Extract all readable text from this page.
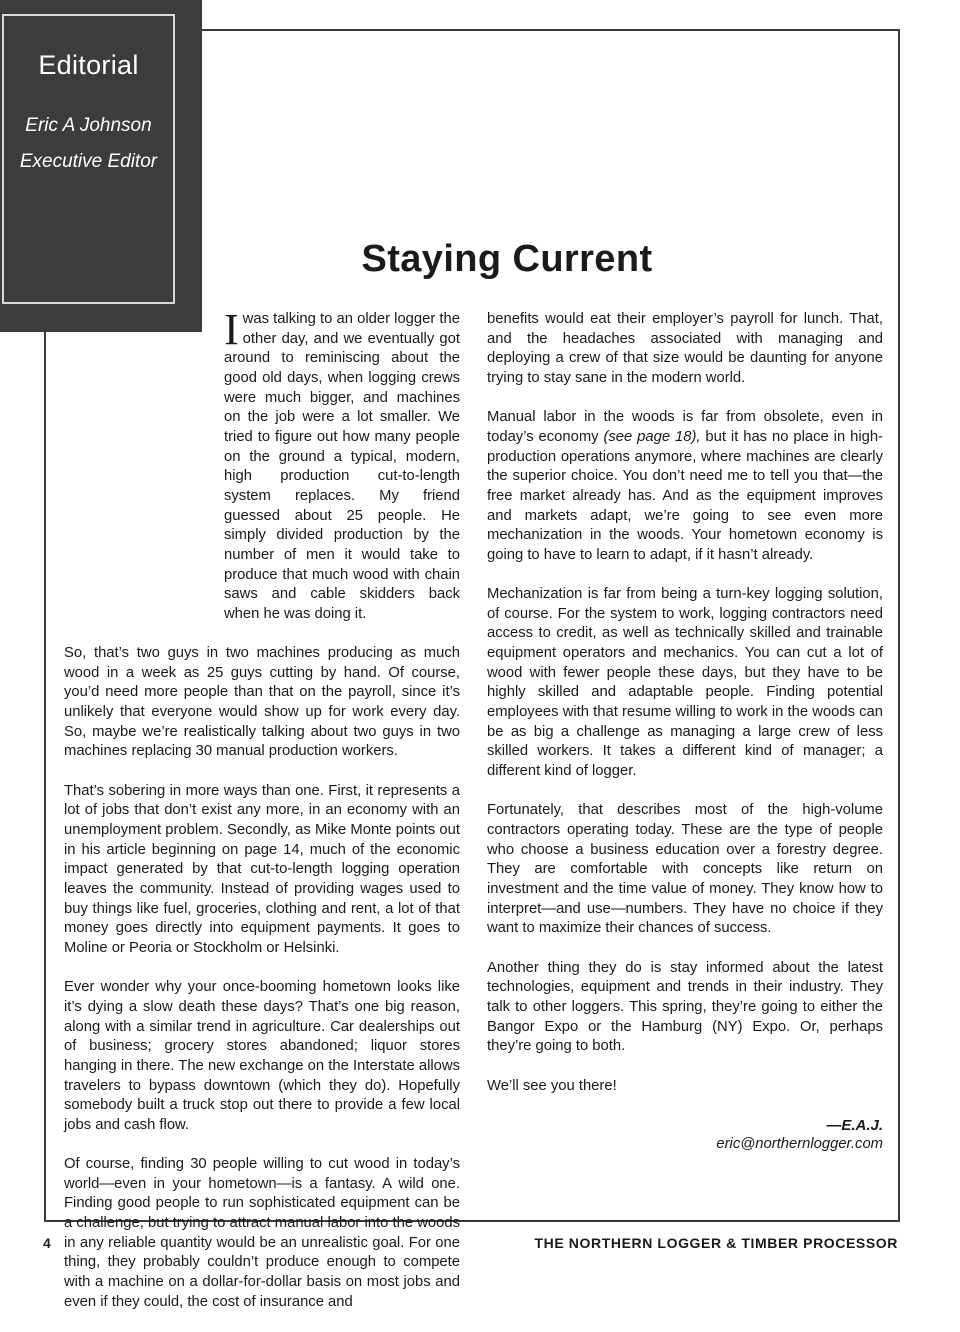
Editorial
Eric A Johnson
Executive Editor
Staying Current

Iwas talking to an older logger the other day, and we eventually got around to reminiscing about the good old days, when logging crews were much bigger, and machines on the job were a lot smaller. We tried to figure out how many people on the ground a typical, modern, high production cut-to-length system replaces. My friend guessed about 25 people. He simply divided production by the number of men it would take to produce that much wood with chain saws and cable skidders back when he was doing it.

So, that’s two guys in two machines producing as much wood in a week as 25 guys cutting by hand. Of course, you’d need more people than that on the payroll, since it’s unlikely that everyone would show up for work every day. So, maybe we’re realistically talking about two guys in two machines replacing 30 manual production workers.

That’s sobering in more ways than one. First, it represents a lot of jobs that don’t exist any more, in an economy with an unemployment problem. Secondly, as Mike Monte points out in his article beginning on page 14, much of the economic impact generated by that cut-to-length logging operation leaves the community. Instead of providing wages used to buy things like fuel, groceries, clothing and rent, a lot of that money goes directly into equipment payments. It goes to Moline or Peoria or Stockholm or Helsinki.

Ever wonder why your once-booming hometown looks like it’s dying a slow death these days? That’s one big reason, along with a similar trend in agriculture. Car dealerships out of business; grocery stores abandoned; liquor stores hanging in there. The new exchange on the Interstate allows travelers to bypass downtown (which they do). Hopefully somebody built a truck stop out there to provide a few local jobs and cash flow.

Of course, finding 30 people willing to cut wood in today’s world—even in your hometown—is a fantasy. A wild one. Finding good people to run sophisticated equipment can be a challenge, but trying to attract manual labor into the woods in any reliable quantity would be an unrealistic goal. For one thing, they probably couldn’t produce enough to compete with a machine on a dollar-for-dollar basis on most jobs and even if they could, the cost of insurance and

benefits would eat their employer’s payroll for lunch. That, and the headaches associated with managing and deploying a crew of that size would be daunting for anyone trying to stay sane in the modern world.

Manual labor in the woods is far from obsolete, even in today’s economy (see page 18), but it has no place in high-production operations anymore, where machines are clearly the superior choice. You don’t need me to tell you that—the free market already has. And as the equipment improves and markets adapt, we’re going to see even more mechanization in the woods. Your hometown economy is going to have to learn to adapt, if it hasn’t already.

Mechanization is far from being a turn-key logging solution, of course. For the system to work, logging contractors need access to credit, as well as technically skilled and trainable equipment operators and mechanics. You can cut a lot of wood with fewer people these days, but they have to be highly skilled and adaptable people. Finding potential employees with that resume willing to work in the woods can be as big a challenge as managing a large crew of less skilled workers. It takes a different kind of manager; a different kind of logger.

Fortunately, that describes most of the high-volume contractors operating today. These are the type of people who choose a business education over a forestry degree. They are comfortable with concepts like return on investment and the time value of money. They know how to interpret—and use—numbers. They have no choice if they want to maximize their chances of success.

Another thing they do is stay informed about the latest technologies, equipment and trends in their industry. They talk to other loggers. This spring, they’re going to either the Bangor Expo or the Hamburg (NY) Expo. Or, perhaps they’re going to both.

We’ll see you there!

—E.A.J.
eric@northernlogger.com
4	THE NORTHERN LOGGER & TIMBER PROCESSOR
